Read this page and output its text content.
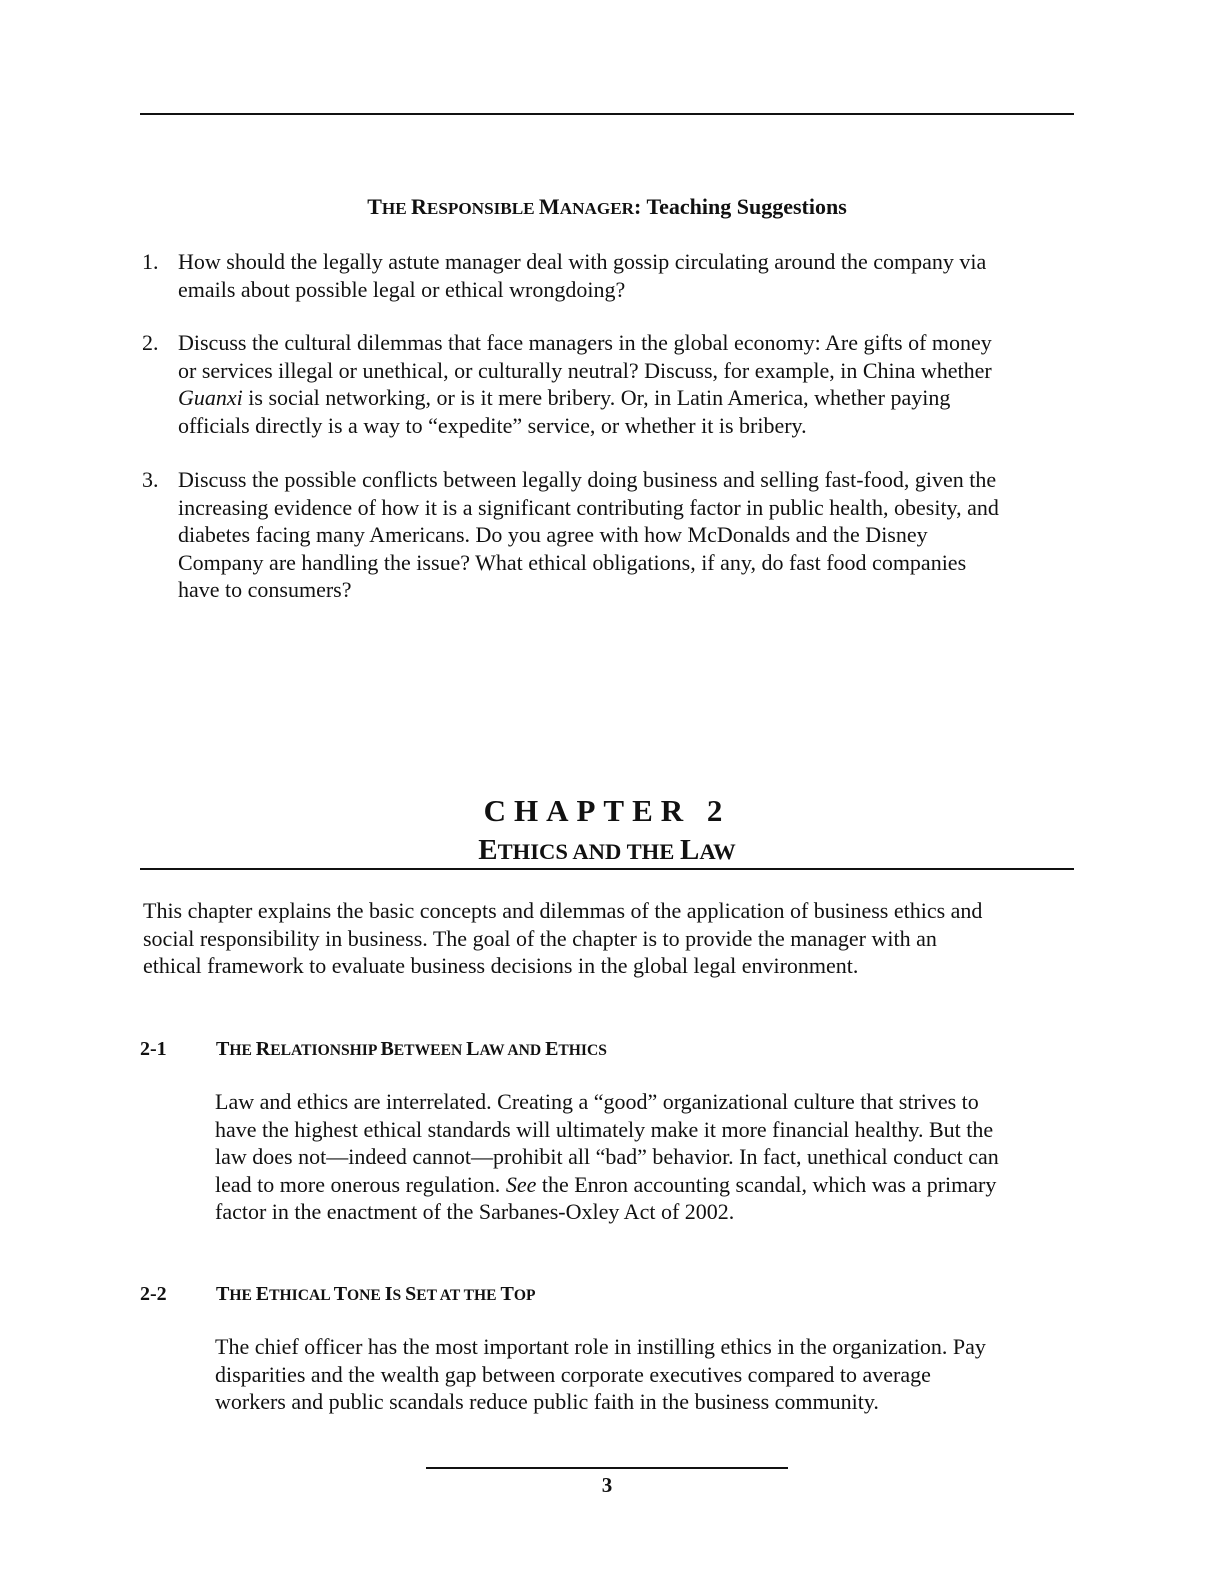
THE RESPONSIBLE MANAGER: Teaching Suggestions
1. How should the legally astute manager deal with gossip circulating around the company via
emails about possible legal or ethical wrongdoing?
2. Discuss the cultural dilemmas that face managers in the global economy: Are gifts of money
or services illegal or unethical, or culturally neutral? Discuss, for example, in China whether
Guanxi is social networking, or is it mere bribery. Or, in Latin America, whether paying
officials directly is a way to “expedite” service, or whether it is bribery.
3. Discuss the possible conflicts between legally doing business and selling fast-food, given the
increasing evidence of how it is a significant contributing factor in public health, obesity, and
diabetes facing many Americans. Do you agree with how McDonalds and the Disney
Company are handling the issue? What ethical obligations, if any, do fast food companies
have to consumers?
CHAPTER 2
ETHICS AND THE LAW
This chapter explains the basic concepts and dilemmas of the application of business ethics and
social responsibility in business. The goal of the chapter is to provide the manager with an
ethical framework to evaluate business decisions in the global legal environment.
2-1 THE RELATIONSHIP BETWEEN LAW AND ETHICS
Law and ethics are interrelated. Creating a “good” organizational culture that strives to
have the highest ethical standards will ultimately make it more financial healthy. But the
law does not—indeed cannot—prohibit all “bad” behavior. In fact, unethical conduct can
lead to more onerous regulation. See the Enron accounting scandal, which was a primary
factor in the enactment of the Sarbanes-Oxley Act of 2002.
2-2 THE ETHICAL TONE IS SET AT THE TOP
The chief officer has the most important role in instilling ethics in the organization. Pay
disparities and the wealth gap between corporate executives compared to average
workers and public scandals reduce public faith in the business community.
3
